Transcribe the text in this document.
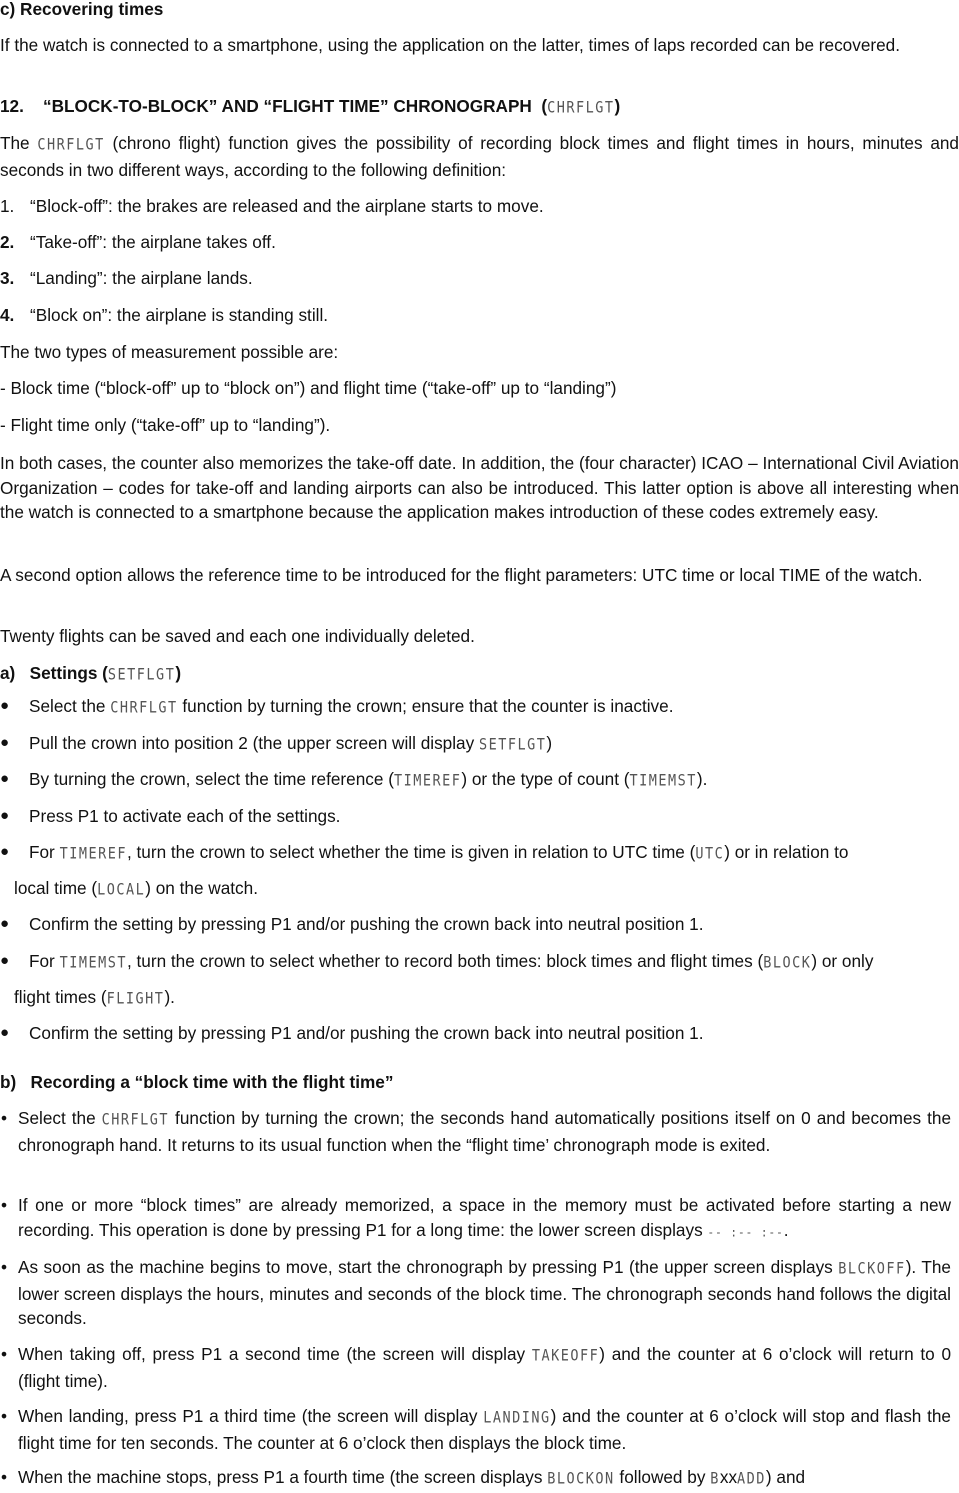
c) Recovering times

If the watch is connected to a smartphone, using the application on the latter, times of laps recorded can be recovered.

12.    “BLOCK-TO-BLOCK” AND “FLIGHT TIME” CHRONOGRAPH  (CHRFLGT)

The CHRFLGT (chrono flight) function gives the possibility of recording block times and flight times in hours, minutes and seconds in two different ways, according to the following definition:

1. “Block-off”: the brakes are released and the airplane starts to move.

2. “Take-off”: the airplane takes off.

3. “Landing”: the airplane lands.

4. “Block on”: the airplane is standing still.

The two types of measurement possible are:

- Block time (“block-off” up to “block on”) and flight time (“take-off” up to “landing”)

- Flight time only (“take-off” up to “landing”).

In both cases, the counter also memorizes the take-off date. In addition, the (four character) ICAO – International Civil Aviation Organization – codes for take-off and landing airports can also be introduced. This latter option is above all interesting when the watch is connected to a smartphone because the application makes introduction of these codes extremely easy.

A second option allows the reference time to be introduced for the flight parameters: UTC time or local TIME of the watch.

Twenty flights can be saved and each one individually deleted.

a)   Settings (SETFLGT)

● Select the CHRFLGT function by turning the crown; ensure that the counter is inactive.

● Pull the crown into position 2 (the upper screen will display SETFLGT)

● By turning the crown, select the time reference (TIMEREF) or the type of count (TIMEMST).

● Press P1 to activate each of the settings.

● For TIMEREF, turn the crown to select whether the time is given in relation to UTC time (UTC) or in relation to

local time (LOCAL) on the watch.

● Confirm the setting by pressing P1 and/or pushing the crown back into neutral position 1.

● For TIMEMST, turn the crown to select whether to record both times: block times and flight times (BLOCK) or only

flight times (FLIGHT).

● Confirm the setting by pressing P1 and/or pushing the crown back into neutral position 1.

b)   Recording a “block time with the flight time”

• Select the CHRFLGT function by turning the crown; the seconds hand automatically positions itself on 0 and becomes the chronograph hand. It returns to its usual function when the “flight time’ chronograph mode is exited.

• If one or more “block times” are already memorized, a space in the memory must be activated before starting a new recording. This operation is done by pressing P1 for a long time: the lower screen displays -- :-- :--.

• As soon as the machine begins to move, start the chronograph by pressing P1 (the upper screen displays BLCKOFF). The lower screen displays the hours, minutes and seconds of the block time. The chronograph seconds hand follows the digital seconds.

• When taking off, press P1 a second time (the screen will display TAKEOFF) and the counter at 6 o’clock will return to 0 (flight time).

• When landing, press P1 a third time (the screen will display LANDING) and the counter at 6 o’clock will stop and flash the flight time for ten seconds. The counter at 6 o’clock then displays the block time.

• When the machine stops, press P1 a fourth time (the screen displays BLOCKON followed by BxxADD) and
